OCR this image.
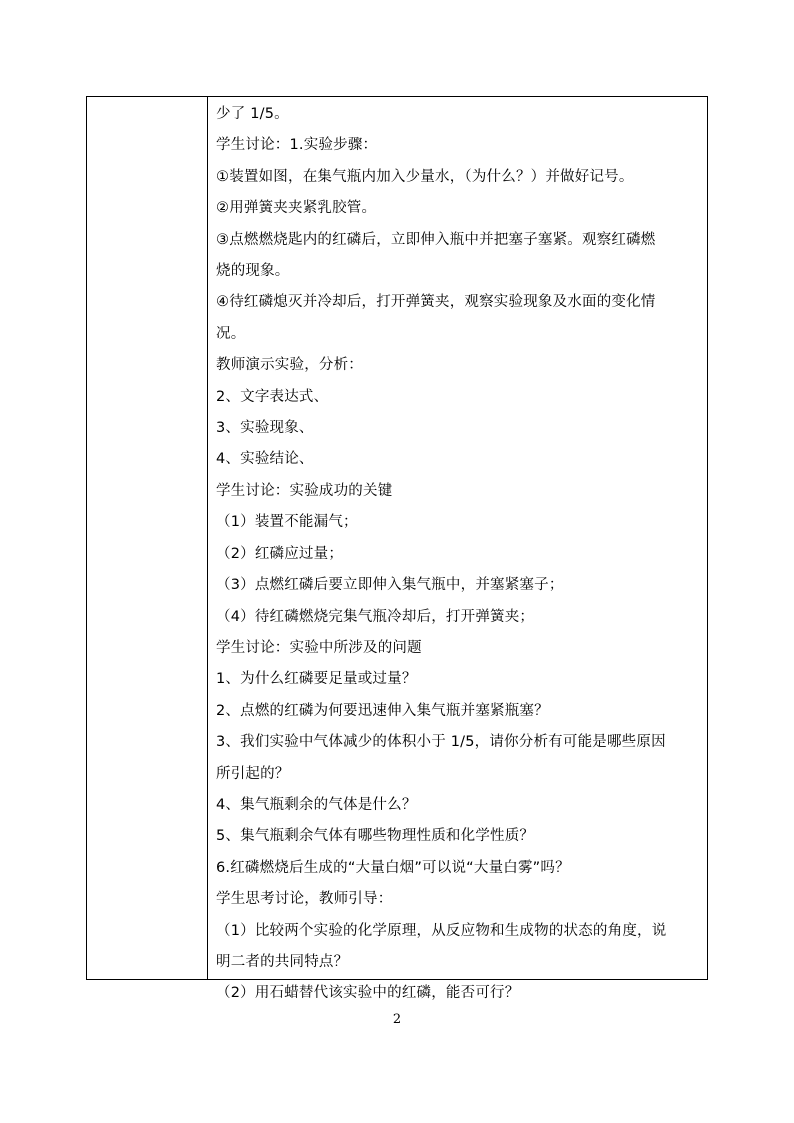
少了 1/5。
学生讨论：1.实验步骤：
①装置如图，在集气瓶内加入少量水，（为什么？）并做好记号。
②用弹簧夹夹紧乳胶管。
③点燃燃烧匙内的红磷后，立即伸入瓶中并把塞子塞紧。观察红磷燃
烧的现象。
④待红磷熄灭并冷却后，打开弹簧夹，观察实验现象及水面的变化情
况。
教师演示实验，分析：
2、文字表达式、
3、实验现象、
4、实验结论、
学生讨论：实验成功的关键
（1）装置不能漏气；
（2）红磷应过量；
（3）点燃红磷后要立即伸入集气瓶中，并塞紧塞子；
（4）待红磷燃烧完集气瓶冷却后，打开弹簧夹；
学生讨论：实验中所涉及的问题
1、为什么红磷要足量或过量？
2、点燃的红磷为何要迅速伸入集气瓶并塞紧瓶塞？
3、我们实验中气体减少的体积小于 1/5，请你分析有可能是哪些原因
所引起的？
4、集气瓶剩余的气体是什么？
5、集气瓶剩余气体有哪些物理性质和化学性质？
6.红磷燃烧后生成的“大量白烟”可以说“大量白雾”吗？
学生思考讨论，教师引导：
（1）比较两个实验的化学原理，从反应物和生成物的状态的角度，说
明二者的共同特点？
（2）用石蜡替代该实验中的红磷，能否可行？
2
